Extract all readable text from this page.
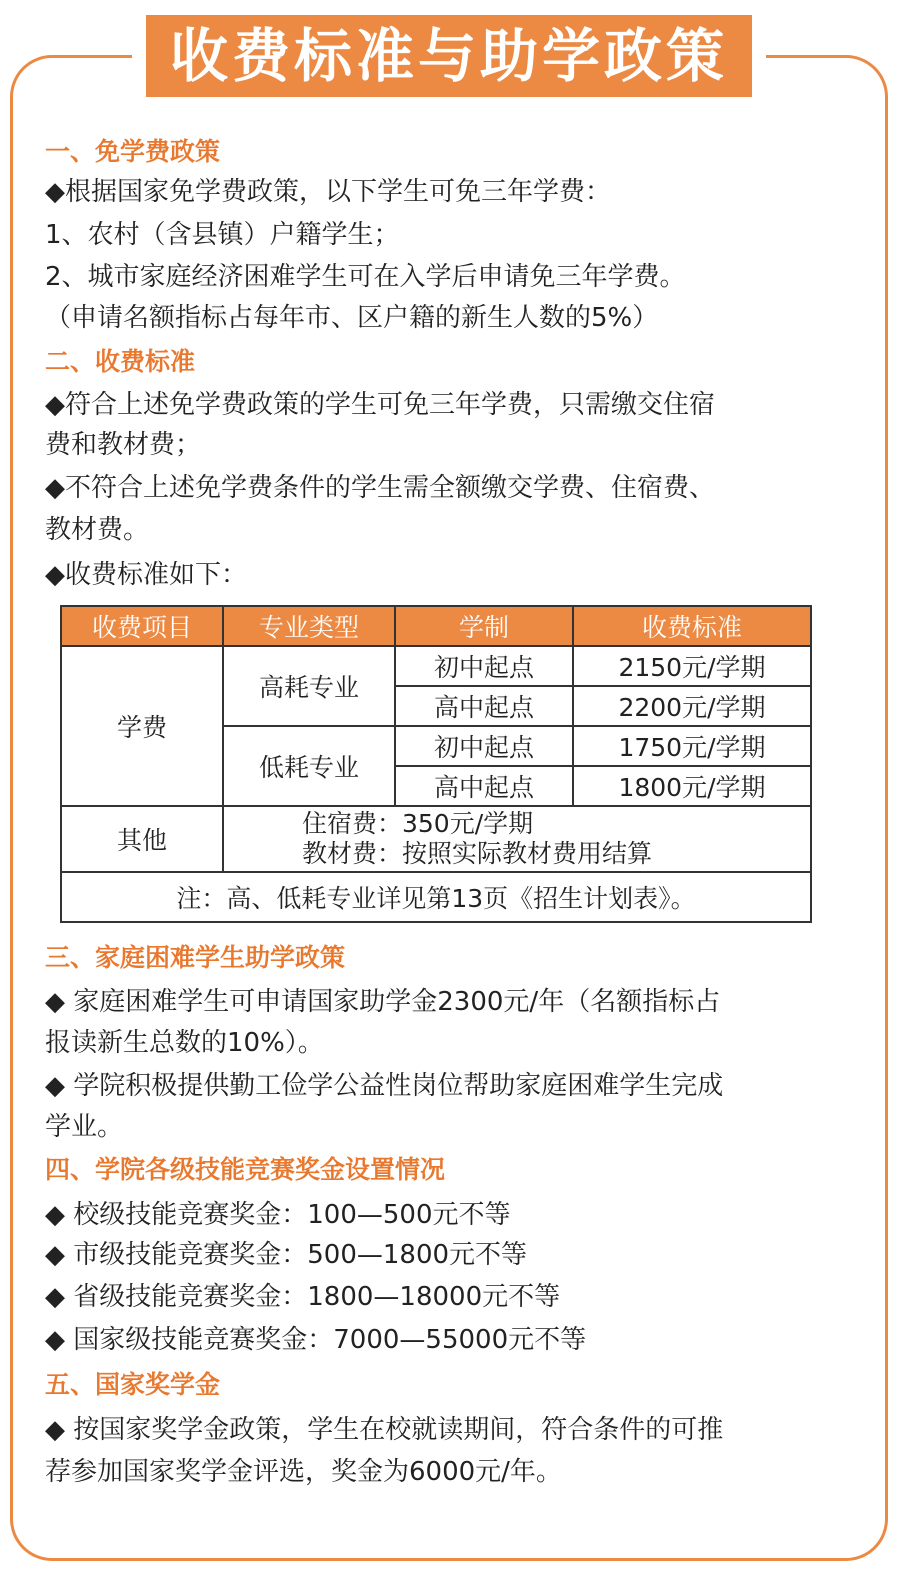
收费标准与助学政策
一、免学费政策
◆根据国家免学费政策，以下学生可免三年学费：
1、农村（含县镇）户籍学生；
2、城市家庭经济困难学生可在入学后申请免三年学费。
（申请名额指标占每年市、区户籍的新生人数的5%）
二、收费标准
◆符合上述免学费政策的学生可免三年学费，只需缴交住宿
费和教材费；
◆不符合上述免学费条件的学生需全额缴交学费、住宿费、
教材费。
◆收费标准如下：
收费项目	专业类型	学制	收费标准
学费	高耗专业	初中起点	2150元/学期
		高中起点	2200元/学期
	低耗专业	初中起点	1750元/学期
		高中起点	1800元/学期
其他	住宿费：350元/学期
教材费：按照实际教材费用结算		

注：高、低耗专业详见第13页《招生计划表》。			
三、家庭困难学生助学政策
◆ 家庭困难学生可申请国家助学金2300元/年（名额指标占
报读新生总数的10%）。
◆ 学院积极提供勤工俭学公益性岗位帮助家庭困难学生完成
学业。
四、学院各级技能竞赛奖金设置情况
◆ 校级技能竞赛奖金：100—500元不等
◆ 市级技能竞赛奖金：500—1800元不等
◆ 省级技能竞赛奖金：1800—18000元不等
◆ 国家级技能竞赛奖金：7000—55000元不等
五、国家奖学金
◆ 按国家奖学金政策，学生在校就读期间，符合条件的可推
荐参加国家奖学金评选，奖金为6000元/年。
